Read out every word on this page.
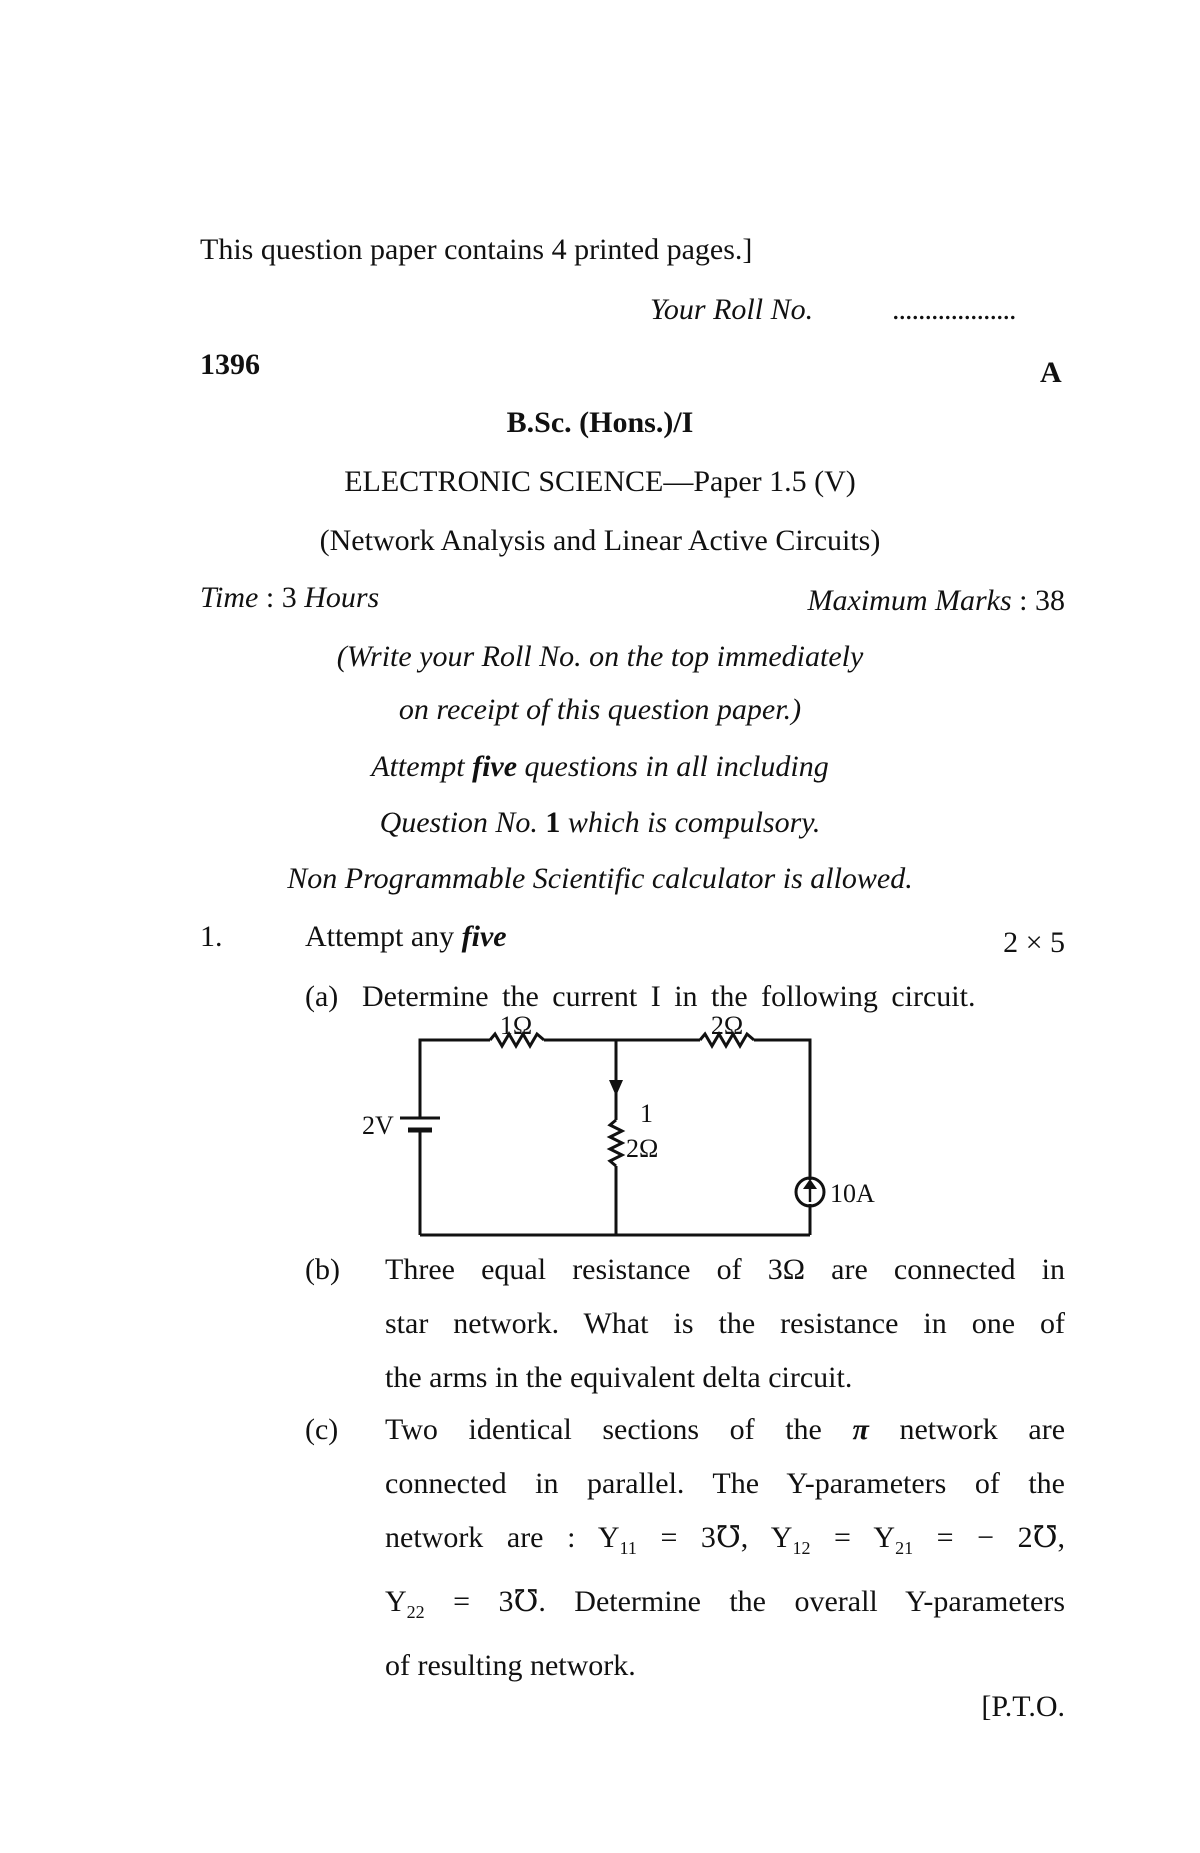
This question paper contains 4 printed pages.]
Your Roll No.	...................
1396	A
B.Sc. (Hons.)/I
ELECTRONIC SCIENCE—Paper 1.5 (V)
(Network Analysis and Linear Active Circuits)
Time : 3 Hours	Maximum Marks : 38
(Write your Roll No. on the top immediately
on receipt of this question paper.)
Attempt five questions in all including
Question No. 1 which is compulsory.
Non Programmable Scientific calculator is allowed.
1.	Attempt any five	2 × 5
(a) Determine the current I in the following circuit.
1Ω	2Ω
2V	1
2Ω
10A
(b) Three equal resistance of 3Ω are connected in
star network. What is the resistance in one of
the arms in the equivalent delta circuit.
(c) Two identical sections of the π network are
connected in parallel. The Y-parameters of the
network are : $Y_{11}$ = 3℧, $Y_{12} = Y_{21}$ = − 2℧,
$Y_{22}$ = 3℧. Determine the overall Y-parameters
of resulting network.
[P.T.O.
